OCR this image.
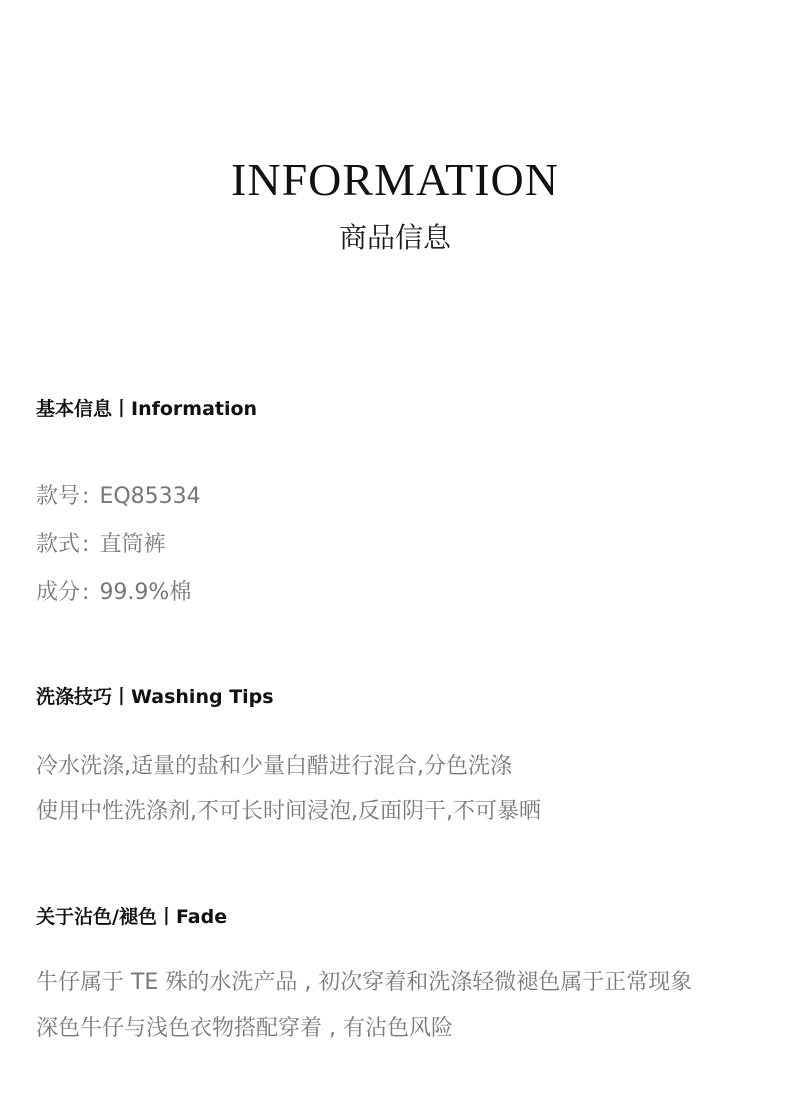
INFORMATION
商品信息
基本信息丨Information
款号: EQ85334
款式: 直筒裤
成分: 99.9%棉
洗涤技巧丨Washing Tips
冷水洗涤,适量的盐和少量白醋进行混合,分色洗涤
使用中性洗涤剂,不可长时间浸泡,反面阴干,不可暴晒
关于沾色/褪色丨Fade
牛仔属于 TE 殊的水洗产品 , 初次穿着和洗涤轻微褪色属于正常现象
深色牛仔与浅色衣物搭配穿着 , 有沾色风险
